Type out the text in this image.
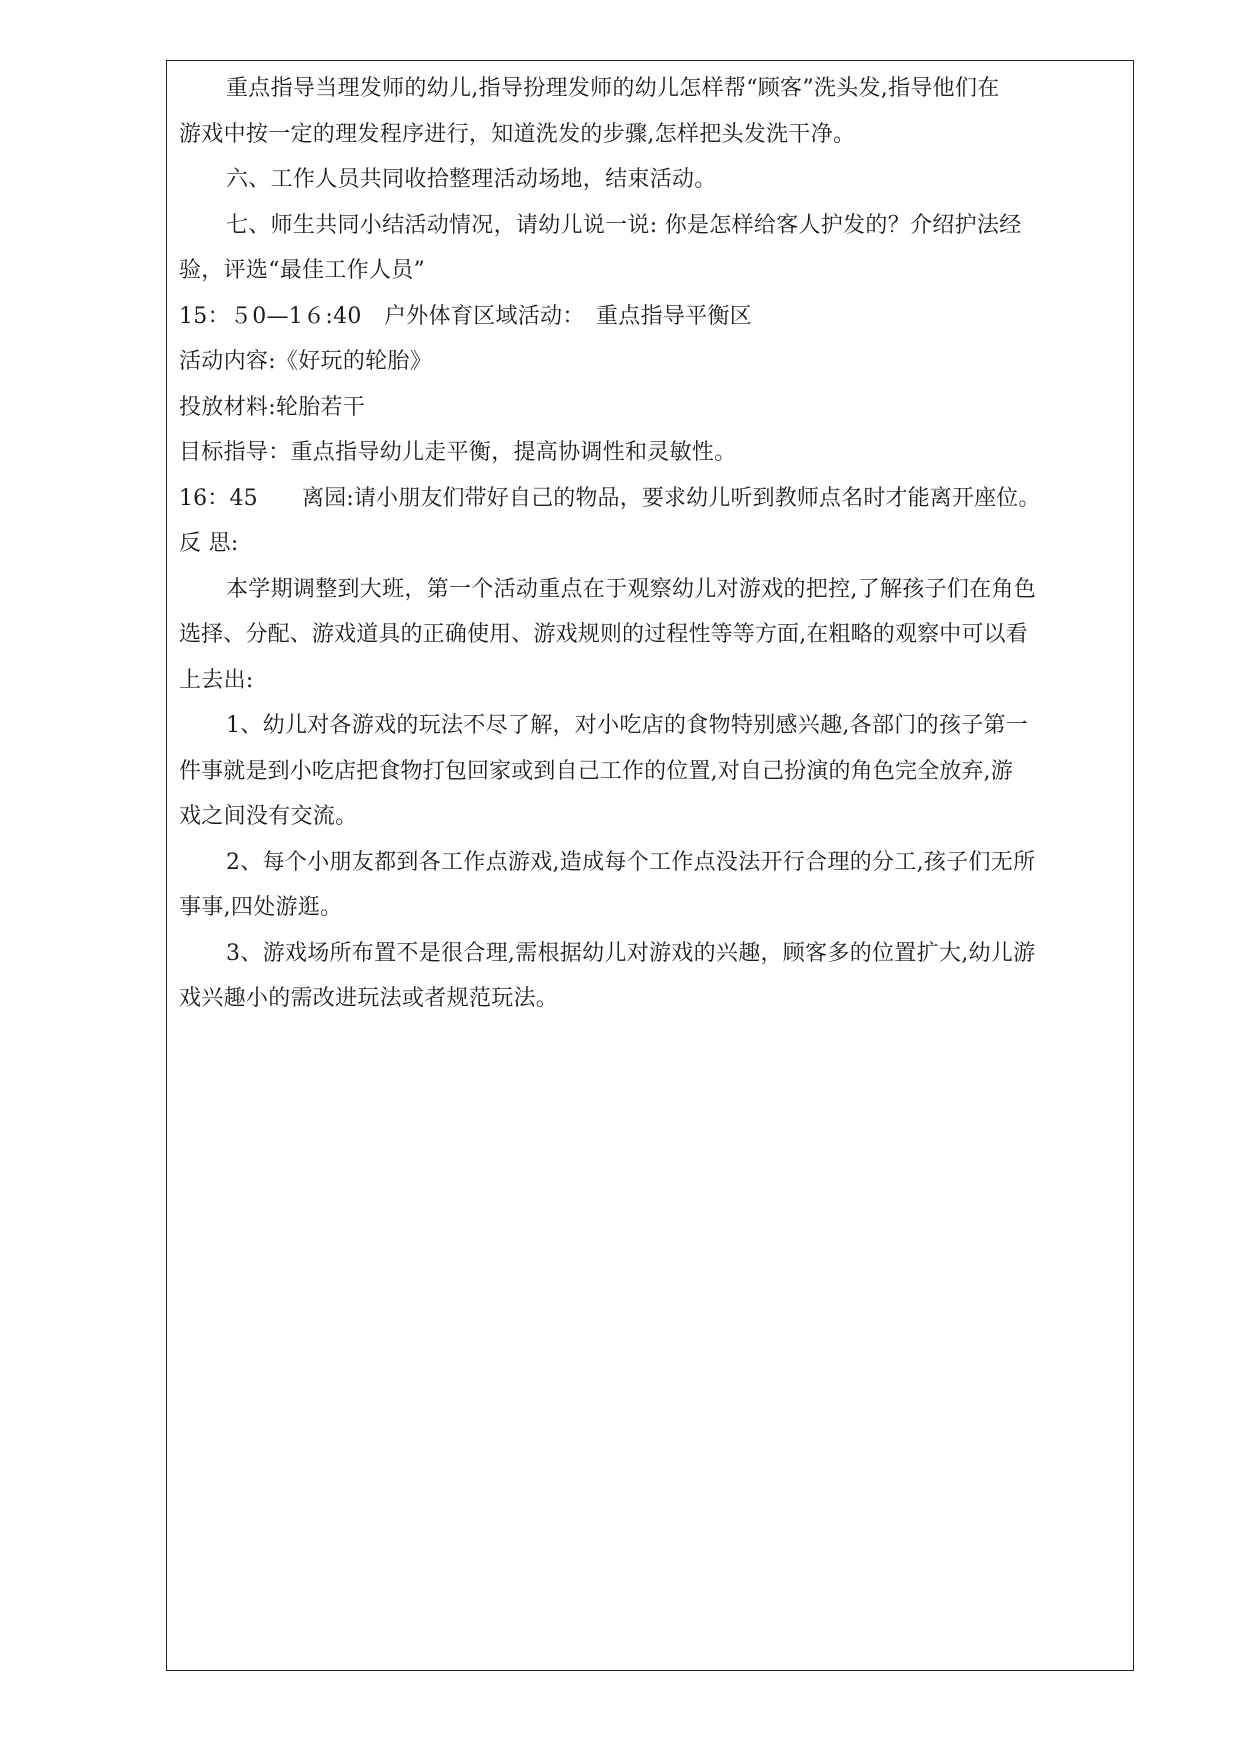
重点指导当理发师的幼儿,指导扮理发师的幼儿怎样帮“顾客”洗头发,指导他们在
游戏中按一定的理发程序进行，知道洗发的步骤,怎样把头发洗干净。
六、工作人员共同收拾整理活动场地，结束活动。
七、师生共同小结活动情况，请幼儿说一说: 你是怎样给客人护发的？介绍护法经
验，评选“最佳工作人员”
15：５0—1６:40　户外体育区域活动：　重点指导平衡区
活动内容:《好玩的轮胎》
投放材料:轮胎若干
目标指导：重点指导幼儿走平衡，提高协调性和灵敏性。
16：45　　离园:请小朋友们带好自己的物品，要求幼儿听到教师点名时才能离开座位。
反 思:
本学期调整到大班，第一个活动重点在于观察幼儿对游戏的把控,了解孩子们在角色
选择、分配、游戏道具的正确使用、游戏规则的过程性等等方面,在粗略的观察中可以看
上去出:
1、幼儿对各游戏的玩法不尽了解，对小吃店的食物特别感兴趣,各部门的孩子第一
件事就是到小吃店把食物打包回家或到自己工作的位置,对自己扮演的角色完全放弃,游
戏之间没有交流。
2、每个小朋友都到各工作点游戏,造成每个工作点没法开行合理的分工,孩子们无所
事事,四处游逛。
3、游戏场所布置不是很合理,需根据幼儿对游戏的兴趣，顾客多的位置扩大,幼儿游
戏兴趣小的需改进玩法或者规范玩法。
